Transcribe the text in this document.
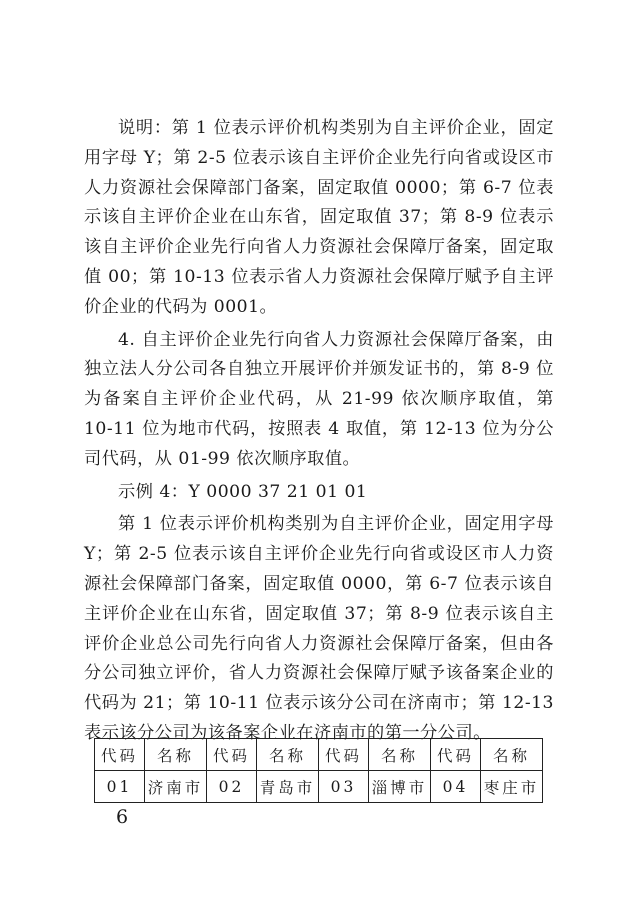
说明：第 1 位表示评价机构类别为自主评价企业，固定用字母 Y；第 2-5 位表示该自主评价企业先行向省或设区市人力资源社会保障部门备案，固定取值 0000；第 6-7 位表示该自主评价企业在山东省，固定取值 37；第 8-9 位表示该自主评价企业先行向省人力资源社会保障厅备案，固定取值 00；第 10-13 位表示省人力资源社会保障厅赋予自主评价企业的代码为 0001。

4. 自主评价企业先行向省人力资源社会保障厅备案，由独立法人分公司各自独立开展评价并颁发证书的，第 8-9 位为备案自主评价企业代码，从 21-99 依次顺序取值，第 10-11 位为地市代码，按照表 4 取值，第 12-13 位为分公司代码，从 01-99 依次顺序取值。

示例 4：Y 0000 37 21 01 01

第 1 位表示评价机构类别为自主评价企业，固定用字母 Y；第 2-5 位表示该自主评价企业先行向省或设区市人力资源社会保障部门备案，固定取值 0000，第 6-7 位表示该自主评价企业在山东省，固定取值 37；第 8-9 位表示该自主评价企业总公司先行向省人力资源社会保障厅备案，但由各分公司独立评价，省人力资源社会保障厅赋予该备案企业的代码为 21；第 10-11 位表示该分公司在济南市；第 12-13 表示该分公司为该备案企业在济南市的第一分公司。

代码	名称	代码	名称	代码	名称	代码	名称
01	济南市	02	青岛市	03	淄博市	04	枣庄市
6
